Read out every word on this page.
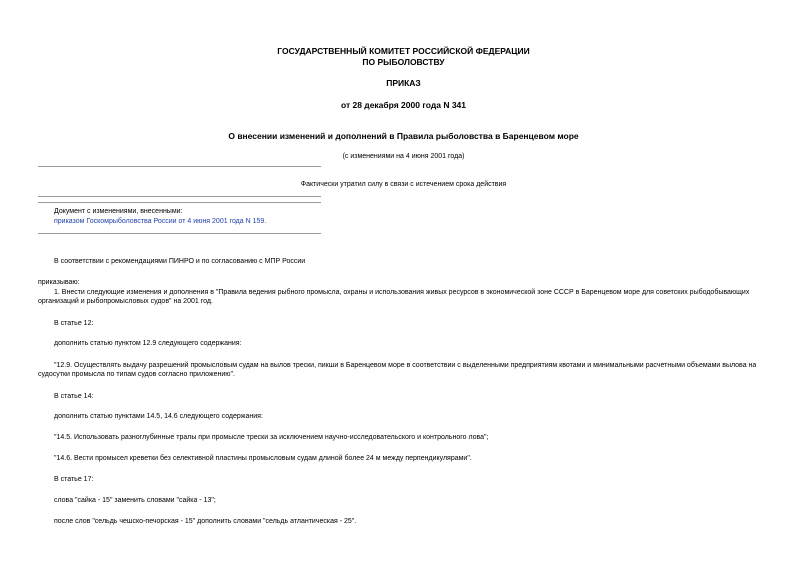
ГОСУДАРСТВЕННЫЙ КОМИТЕТ РОССИЙСКОЙ ФЕДЕРАЦИИ
ПО РЫБОЛОВСТВУ
ПРИКАЗ
от 28 декабря 2000 года N 341
О внесении изменений и дополнений в Правила рыболовства в Баренцевом море
(с изменениями на 4 июня 2001 года)
Фактически утратил силу в связи с истечением срока действия
Документ с изменениями, внесенными:
приказом Госкомрыболовства России от 4 июня 2001 года N 159.
В соответствии с рекомендациями ПИНРО и по согласованию с МПР России
приказываю:
1. Внести следующие изменения и дополнения в "Правила ведения рыбного промысла, охраны и использования живых ресурсов в экономической зоне СССР в Баренцевом море для советских рыбодобывающих организаций и рыбопромысловых судов" на 2001 год.
В статье 12:
дополнить статью пунктом 12.9 следующего содержания:
"12.9. Осуществлять выдачу разрешений промысловым судам на вылов трески, пикши в Баренцевом море в соответствии с выделенными предприятиям квотами и минимальными расчетными объемами вылова на судосутки промысла по типам судов согласно приложению".
В статье 14:
дополнить статью пунктами 14.5, 14.6 следующего содержания:
"14.5. Использовать разноглубинные тралы при промысле трески за исключением научно-исследовательского и контрольного лова";
"14.6. Вести промысел креветки без селективной пластины промысловым судам длиной более 24 м между перпендикулярами".
В статье 17:
слова "сайка - 15" заменить словами "сайка - 13";
после слов "сельдь чешско-печорская - 15" дополнить словами "сельдь атлантическая - 25".
